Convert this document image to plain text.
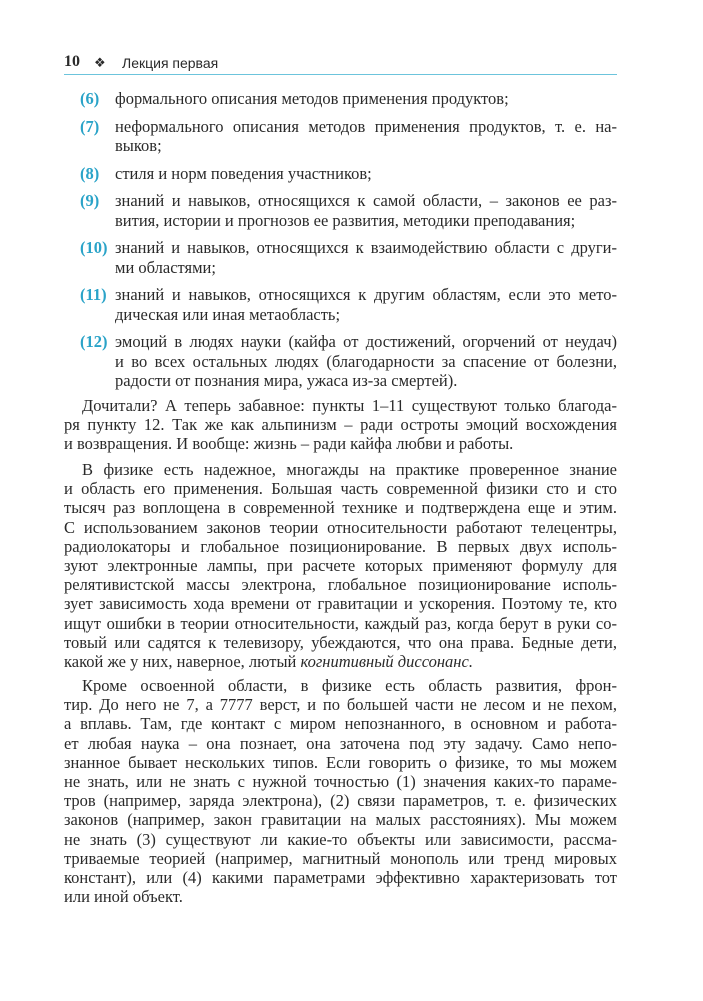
10 ❖ Лекция первая
(6) формального описания методов применения продуктов;
(7) неформального описания методов применения продуктов, т. е. на-
выков;
(8) стиля и норм поведения участников;
(9) знаний и навыков, относящихся к самой области, – законов ее раз-
вития, истории и прогнозов ее развития, методики преподавания;
(10) знаний и навыков, относящихся к взаимодействию области с други-
ми областями;
(11) знаний и навыков, относящихся к другим областям, если это мето-
дическая или иная метаобласть;
(12) эмоций в людях науки (кайфа от достижений, огорчений от неудач)
и во всех остальных людях (благодарности за спасение от болезни,
радости от познания мира, ужаса из-за смертей).
Дочитали? А теперь забавное: пункты 1–11 существуют только благода-
ря пункту 12. Так же как альпинизм – ради остроты эмоций восхождения
и возвращения. И вообще: жизнь – ради кайфа любви и работы.
В физике есть надежное, многажды на практике проверенное знание
и область его применения. Большая часть современной физики сто и сто
тысяч раз воплощена в современной технике и подтверждена еще и этим.
С использованием законов теории относительности работают телецентры,
радиолокаторы и глобальное позиционирование. В первых двух исполь-
зуют электронные лампы, при расчете которых применяют формулу для
релятивистской массы электрона, глобальное позиционирование исполь-
зует зависимость хода времени от гравитации и ускорения. Поэтому те, кто
ищут ошибки в теории относительности, каждый раз, когда берут в руки со-
товый или садятся к телевизору, убеждаются, что она права. Бедные дети,
какой же у них, наверное, лютый когнитивный диссонанс.
Кроме освоенной области, в физике есть область развития, фрон-
тир. До него не 7, а 7777 верст, и по большей части не лесом и не пехом,
а вплавь. Там, где контакт с миром непознанного, в основном и работа-
ет любая наука – она познает, она заточена под эту задачу. Само непо-
знанное бывает нескольких типов. Если говорить о физике, то мы можем
не знать, или не знать с нужной точностью (1) значения каких-то параме-
тров (например, заряда электрона), (2) связи параметров, т. е. физических
законов (например, закон гравитации на малых расстояниях). Мы можем
не знать (3) существуют ли какие-то объекты или зависимости, рассма-
триваемые теорией (например, магнитный монополь или тренд мировых
констант), или (4) какими параметрами эффективно характеризовать тот
или иной объект.
